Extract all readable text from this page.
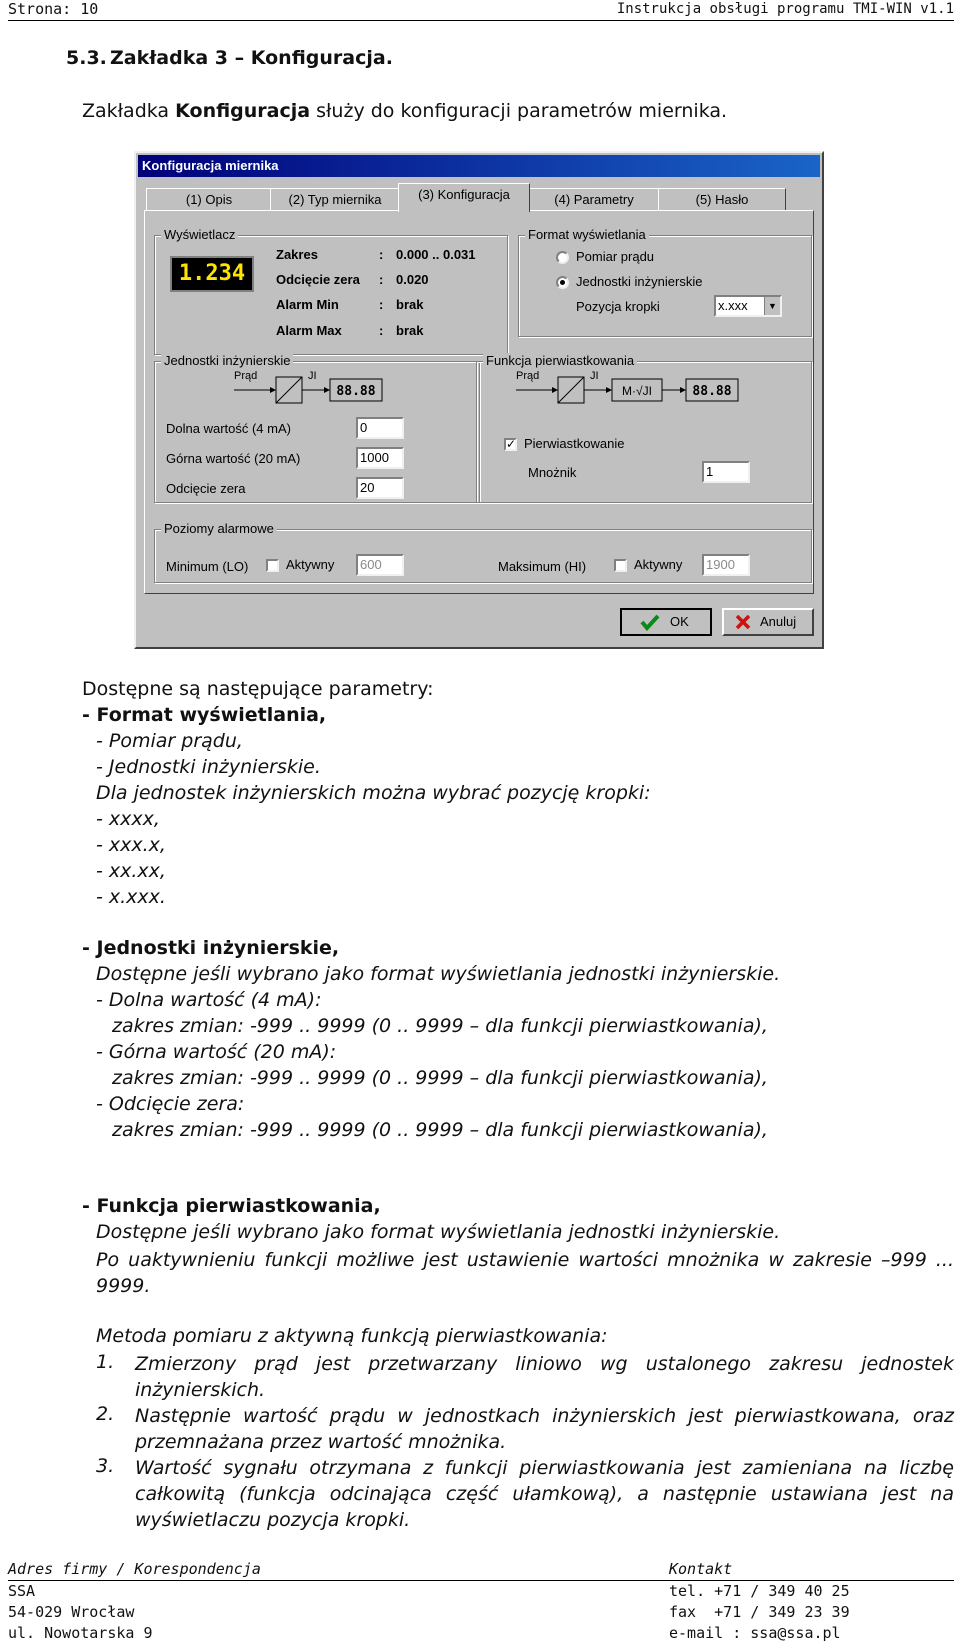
Strona: 10	Instrukcja obsługi programu TMI-WIN v1.1
5.3. Zakładka 3 – Konfiguracja.
Zakładka Konfiguracja służy do konfiguracji parametrów miernika.
Konfiguracja miernika
(1) Opis	(2) Typ miernika	(3) Konfiguracja	(4) Parametry	(5) Hasło
Wyświetlacz
1.234
Zakres	: 0.000 .. 0.031
Odcięcie zera : 0.020
Alarm Min	: brak
Alarm Max	: brak
Format wyświetlania
Pomiar prądu
Jednostki inżynierskie
Pozycja kropki	x.xxx	▼
Jednostki inżynierskie
Prąd	JI
88.88
Dolna wartość (4 mA)	0
Górna wartość (20 mA)	1000
Odcięcie zera	20
Funkcja pierwiastkowania
Prąd	JI
M·√JI	88.88
✓ Pierwiastkowanie
Mnożnik	1
Poziomy alarmowe
Minimum (LO)	Aktywny	600	Maksimum (HI)	Aktywny	1900
OK	Anuluj
Dostępne są następujące parametry:
- Format wyświetlania,
- Pomiar prądu,
- Jednostki inżynierskie.
Dla jednostek inżynierskich można wybrać pozycję kropki:
- xxxx,
- xxx.x,
- xx.xx,
- x.xxx.
- Jednostki inżynierskie,
Dostępne jeśli wybrano jako format wyświetlania jednostki inżynierskie.
- Dolna wartość (4 mA):
zakres zmian: -999 .. 9999 (0 .. 9999 – dla funkcji pierwiastkowania),
- Górna wartość (20 mA):
zakres zmian: -999 .. 9999 (0 .. 9999 – dla funkcji pierwiastkowania),
- Odcięcie zera:
zakres zmian: -999 .. 9999 (0 .. 9999 – dla funkcji pierwiastkowania),
- Funkcja pierwiastkowania,
Dostępne jeśli wybrano jako format wyświetlania jednostki inżynierskie.
Po uaktywnieniu funkcji możliwe jest ustawienie wartości mnożnika w zakresie –999 ... 9999.
Metoda pomiaru z aktywną funkcją pierwiastkowania:
1. Zmierzony prąd jest przetwarzany liniowo wg ustalonego zakresu jednostek inżynierskich.
2. Następnie wartość prądu w jednostkach inżynierskich jest pierwiastkowana, oraz przemnażana przez wartość mnożnika.
3. Wartość sygnału otrzymana z funkcji pierwiastkowania jest zamieniana na liczbę całkowitą (funkcja odcinająca część ułamkową), a następnie ustawiana jest na wyświetlaczu pozycja kropki.
Adres firmy / Korespondencja	Kontakt
SSA
54-029 Wrocław
ul. Nowotarska 9
tel. +71 / 349 40 25
fax  +71 / 349 23 39
e-mail : ssa@ssa.pl
